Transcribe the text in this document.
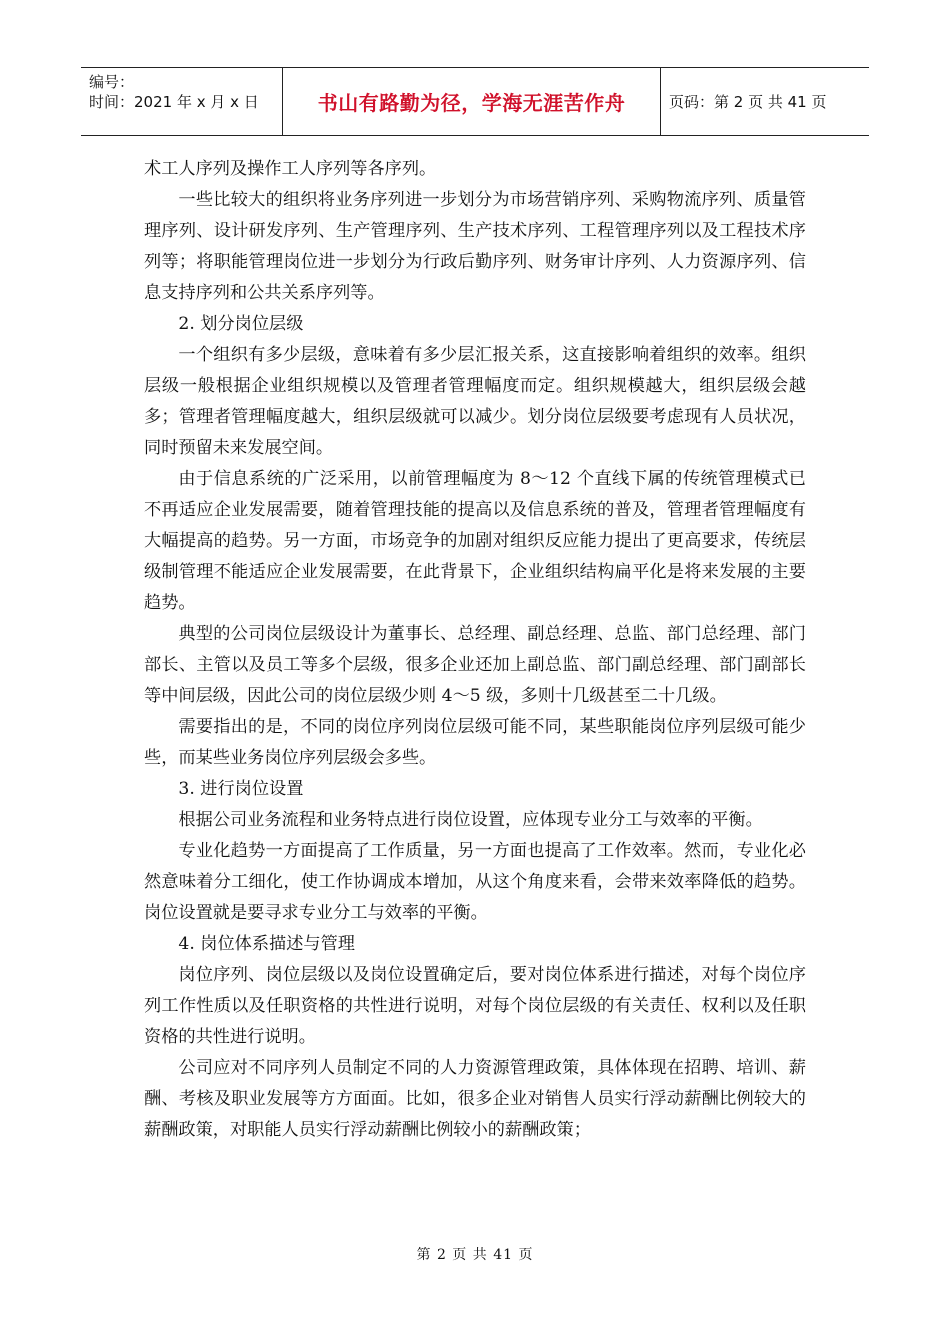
编号：
时间：2021 年 x 月 x 日	书山有路勤为径，学海无涯苦作舟	页码：第 2 页 共 41 页

术工人序列及操作工人序列等各序列。

一些比较大的组织将业务序列进一步划分为市场营销序列、采购物流序列、质量管理序列、设计研发序列、生产管理序列、生产技术序列、工程管理序列以及工程技术序列等；将职能管理岗位进一步划分为行政后勤序列、财务审计序列、人力资源序列、信息支持序列和公共关系序列等。

2. 划分岗位层级

一个组织有多少层级，意味着有多少层汇报关系，这直接影响着组织的效率。组织层级一般根据企业组织规模以及管理者管理幅度而定。组织规模越大，组织层级会越多；管理者管理幅度越大，组织层级就可以减少。划分岗位层级要考虑现有人员状况，同时预留未来发展空间。

由于信息系统的广泛采用，以前管理幅度为 8～12 个直线下属的传统管理模式已不再适应企业发展需要，随着管理技能的提高以及信息系统的普及，管理者管理幅度有大幅提高的趋势。另一方面，市场竞争的加剧对组织反应能力提出了更高要求，传统层级制管理不能适应企业发展需要，在此背景下，企业组织结构扁平化是将来发展的主要趋势。

典型的公司岗位层级设计为董事长、总经理、副总经理、总监、部门总经理、部门部长、主管以及员工等多个层级，很多企业还加上副总监、部门副总经理、部门副部长等中间层级，因此公司的岗位层级少则 4～5 级，多则十几级甚至二十几级。

需要指出的是，不同的岗位序列岗位层级可能不同，某些职能岗位序列层级可能少些，而某些业务岗位序列层级会多些。

3. 进行岗位设置

根据公司业务流程和业务特点进行岗位设置，应体现专业分工与效率的平衡。

专业化趋势一方面提高了工作质量，另一方面也提高了工作效率。然而，专业化必然意味着分工细化，使工作协调成本增加，从这个角度来看，会带来效率降低的趋势。岗位设置就是要寻求专业分工与效率的平衡。

4. 岗位体系描述与管理

岗位序列、岗位层级以及岗位设置确定后，要对岗位体系进行描述，对每个岗位序列工作性质以及任职资格的共性进行说明，对每个岗位层级的有关责任、权利以及任职资格的共性进行说明。

公司应对不同序列人员制定不同的人力资源管理政策，具体体现在招聘、培训、薪酬、考核及职业发展等方方面面。比如，很多企业对销售人员实行浮动薪酬比例较大的薪酬政策，对职能人员实行浮动薪酬比例较小的薪酬政策；

第 2 页 共 41 页
